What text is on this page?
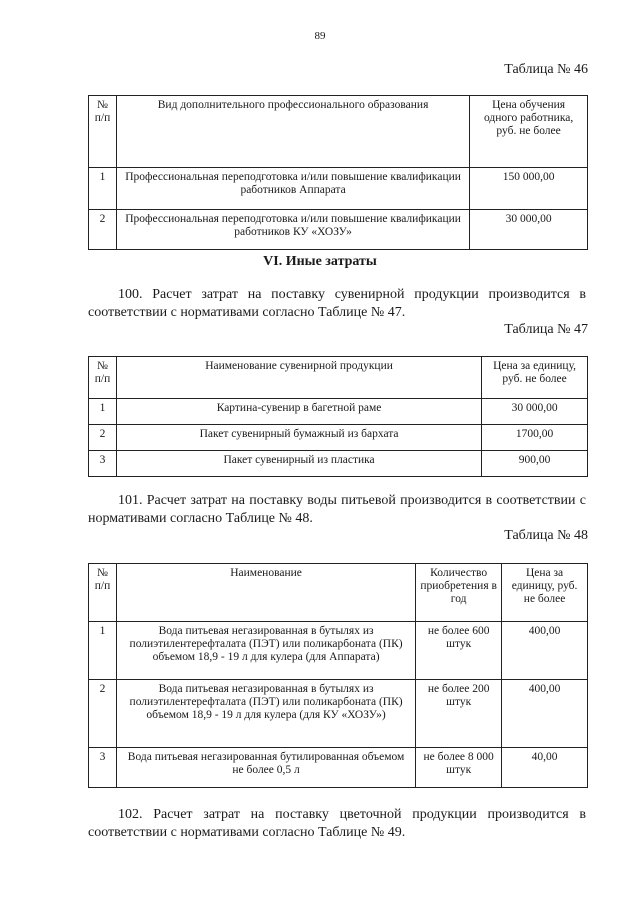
89
Таблица № 46
№ п/п	Вид дополнительного профессионального образования	Цена обучения одного работника, руб. не более
1	Профессиональная переподготовка и/или повышение квалификации работников Аппарата	150 000,00
2	Профессиональная переподготовка и/или повышение квалификации работников КУ «ХОЗУ»	30 000,00
VI. Иные затраты
100. Расчет затрат на поставку сувенирной продукции производится в соответствии с нормативами согласно Таблице № 47.
Таблица № 47
№ п/п	Наименование сувенирной продукции	Цена за единицу, руб. не более
1	Картина-сувенир в багетной раме	30 000,00
2	Пакет сувенирный бумажный из бархата	1700,00
3	Пакет сувенирный из пластика	900,00
101. Расчет затрат на поставку воды питьевой производится в соответствии с нормативами согласно Таблице № 48.
Таблица № 48
№ п/п	Наименование	Количество приобретения в год	Цена за единицу, руб. не более
1	Вода питьевая негазированная в бутылях из полиэтилентерефталата (ПЭТ) или поликарбоната (ПК) объемом 18,9 - 19 л для кулера (для Аппарата)	не более 600 штук	400,00
2	Вода питьевая негазированная в бутылях из полиэтилентерефталата (ПЭТ) или поликарбоната (ПК) объемом 18,9 - 19 л для кулера (для КУ «ХОЗУ»)	не более 200 штук	400,00
3	Вода питьевая негазированная бутилированная объемом не более 0,5 л	не более 8 000 штук	40,00
102. Расчет затрат на поставку цветочной продукции производится в соответствии с нормативами согласно Таблице № 49.
